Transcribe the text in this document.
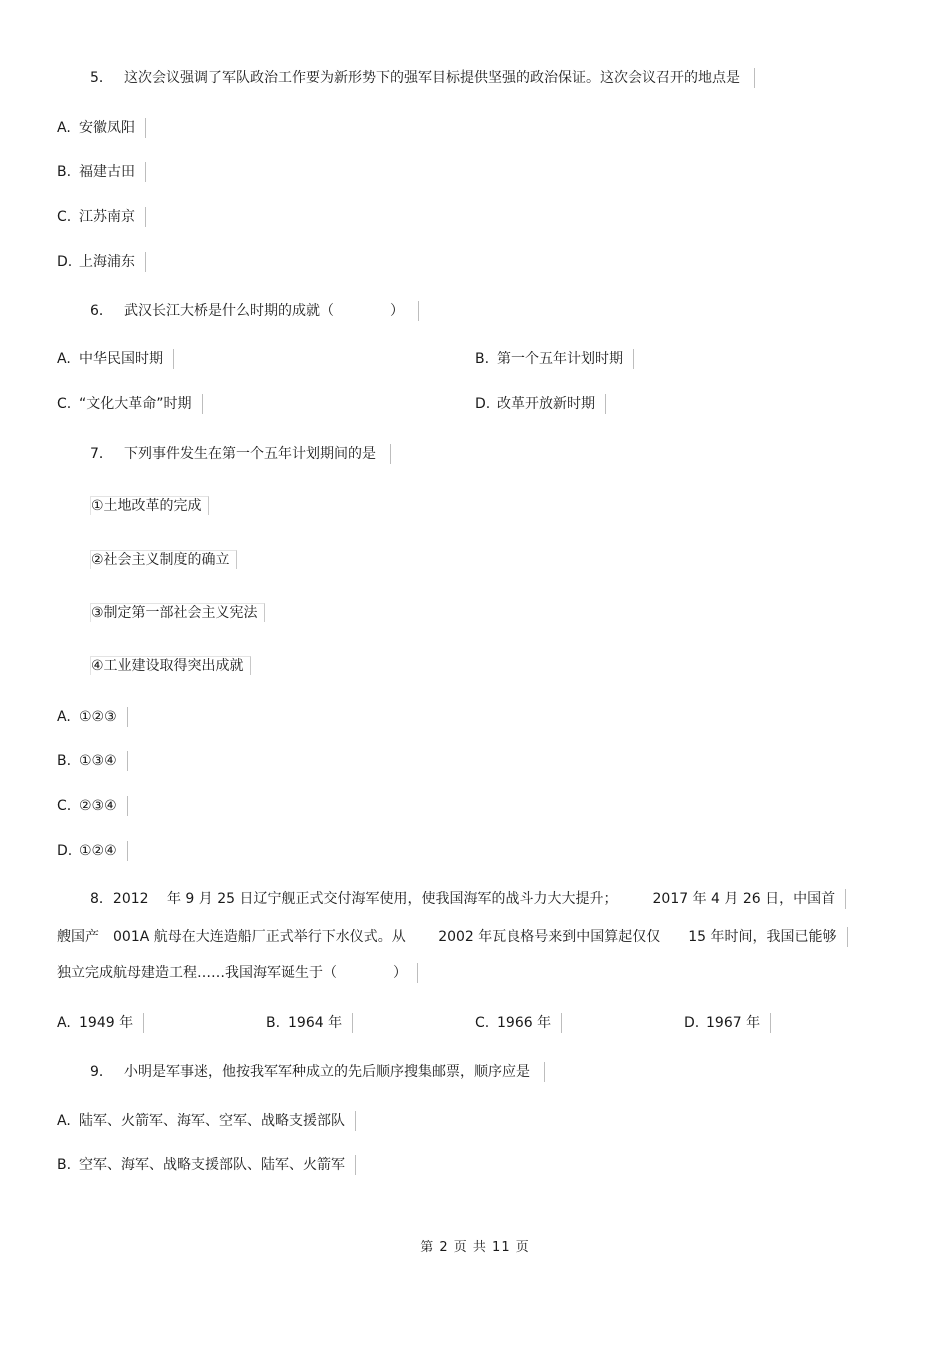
5． 这次会议强调了军队政治工作要为新形势下的强军目标提供坚强的政治保证。这次会议召开的地点是
A. 安徽凤阳
B. 福建古田
C. 江苏南京
D. 上海浦东
6． 武汉长江大桥是什么时期的成就（　　　　）
A. 中华民国时期	B. 第一个五年计划时期
C. “文化大革命”时期	D. 改革开放新时期
7． 下列事件发生在第一个五年计划期间的是
①土地改革的完成
②社会主义制度的确立
③制定第一部社会主义宪法
④工业建设取得突出成就
A. ①②③
B. ①③④
C. ②③④
D. ①②④
8．2012　 年 9 月 25 日辽宁舰正式交付海军使用，使我国海军的战斗力大大提升；　　　2017 年 4 月 26 日，中国首
艘国产　001A 航母在大连造船厂正式举行下水仪式。从　　 2002 年瓦良格号来到中国算起仅仅　　15 年时间，我国已能够
独立完成航母建造工程……我国海军诞生于（　　　　）
A. 1949 年	B. 1964 年	C. 1966 年	D. 1967 年
9． 小明是军事迷，他按我军军种成立的先后顺序搜集邮票，顺序应是
A. 陆军、火箭军、海军、空军、战略支援部队
B. 空军、海军、战略支援部队、陆军、火箭军
第 2 页 共 11 页
